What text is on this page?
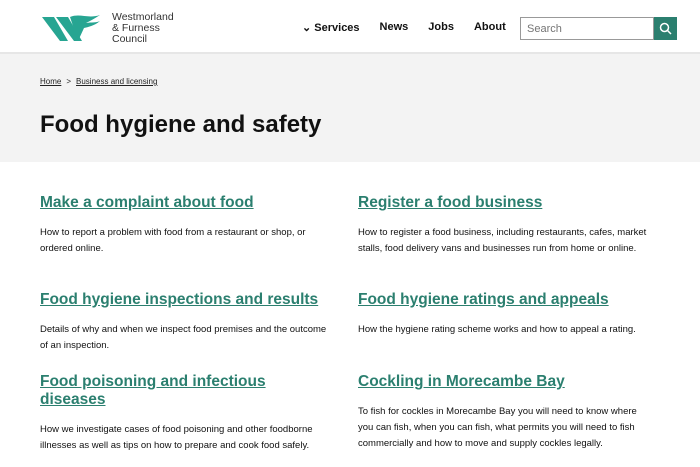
Westmorland
& Furness
Council
⌄ Services News Jobs About
Search
Home > Business and licensing
Food hygiene and safety
Make a complaint about food

How to report a problem with food from a restaurant or shop, or ordered online.

Register a food business

How to register a food business, including restaurants, cafes, market stalls, food delivery vans and businesses run from home or online.

Food hygiene inspections and results

Details of why and when we inspect food premises and the outcome of an inspection.

Food hygiene ratings and appeals

How the hygiene rating scheme works and how to appeal a rating.

Food poisoning and infectious diseases

How we investigate cases of food poisoning and other foodborne illnesses as well as tips on how to prepare and cook food safely.

Cockling in Morecambe Bay

To fish for cockles in Morecambe Bay you will need to know where you can fish, when you can fish, what permits you will need to fish commercially and how to move and supply cockles legally.
